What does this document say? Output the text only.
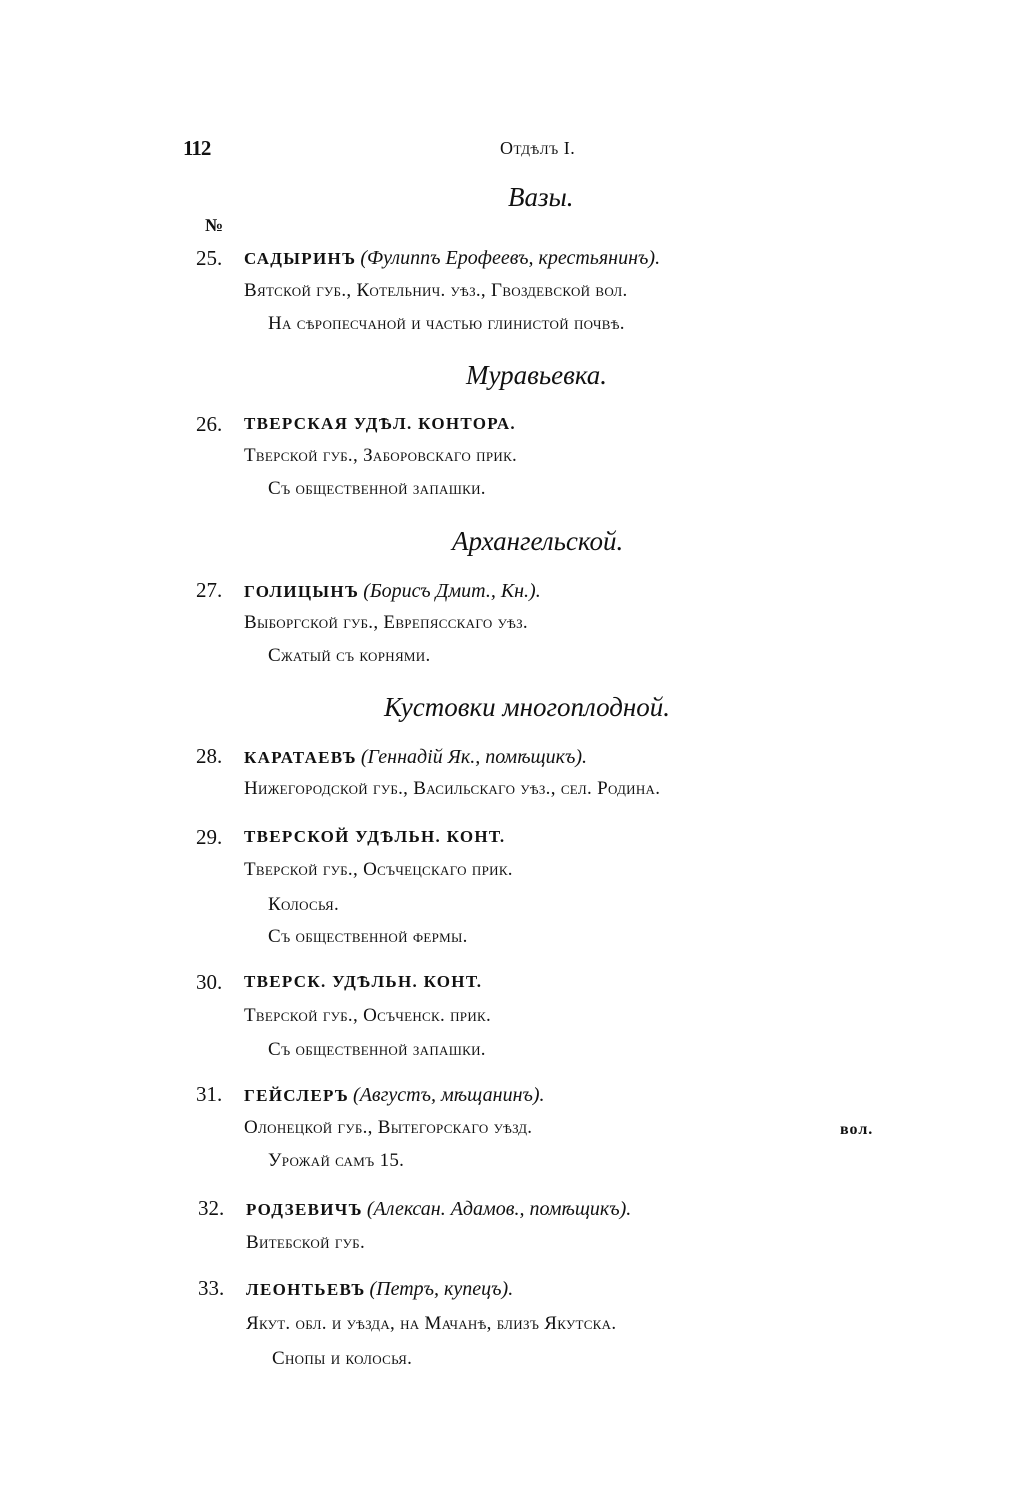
112	Отдѣлъ I.
Вазы.
№
25. САДЫРИНЪ (Фулиппъ Ерофеевъ, крестьянинъ).
Вятской губ., Котельнич. уѣз., Гвоздевской вол.
На сѣропесчаной и частью глинистой почвѣ.
Муравьевка.
26. ТВЕРСКАЯ УДѢЛ. КОНТОРА.
Тверской губ., Заборовскаго прик.
Съ общественной запашки.
Архангельской.
27. ГОЛИЦЫНЪ (Борисъ Дмит., Кн.).
Выборгской губ., Еврепясскаго уѣз.
Сжатый съ корнями.
Кустовки многоплодной.
28. КАРАТАЕВЪ (Геннадій Як., помѣщикъ).
Нижегородской губ., Васильскаго уѣз., сел. Родина.
29. ТВЕРСКОЙ УДѢЛЬН. КОНТ.
Тверской губ., Осъчецскаго прик.
Колосья.
Съ общественной фермы.
30. ТВЕРСК. УДѢЛЬН. КОНТ.
Тверской губ., Осъченск. прик.
Съ общественной запашки.
31. ГЕЙСЛЕРЪ (Августъ, мѣщанинъ).
Олонецкой губ., Вытегорскаго уѣзд.	вол.
Урожай самъ 15.
32. РОДЗЕВИЧЪ (Алексан. Адамов., помѣщикъ).
Витебской губ.
33. ЛЕОНТЬЕВЪ (Петръ, купецъ).
Якут. обл. и уѣзда, на Мачанѣ, близъ Якутска.
Снопы и колосья.
